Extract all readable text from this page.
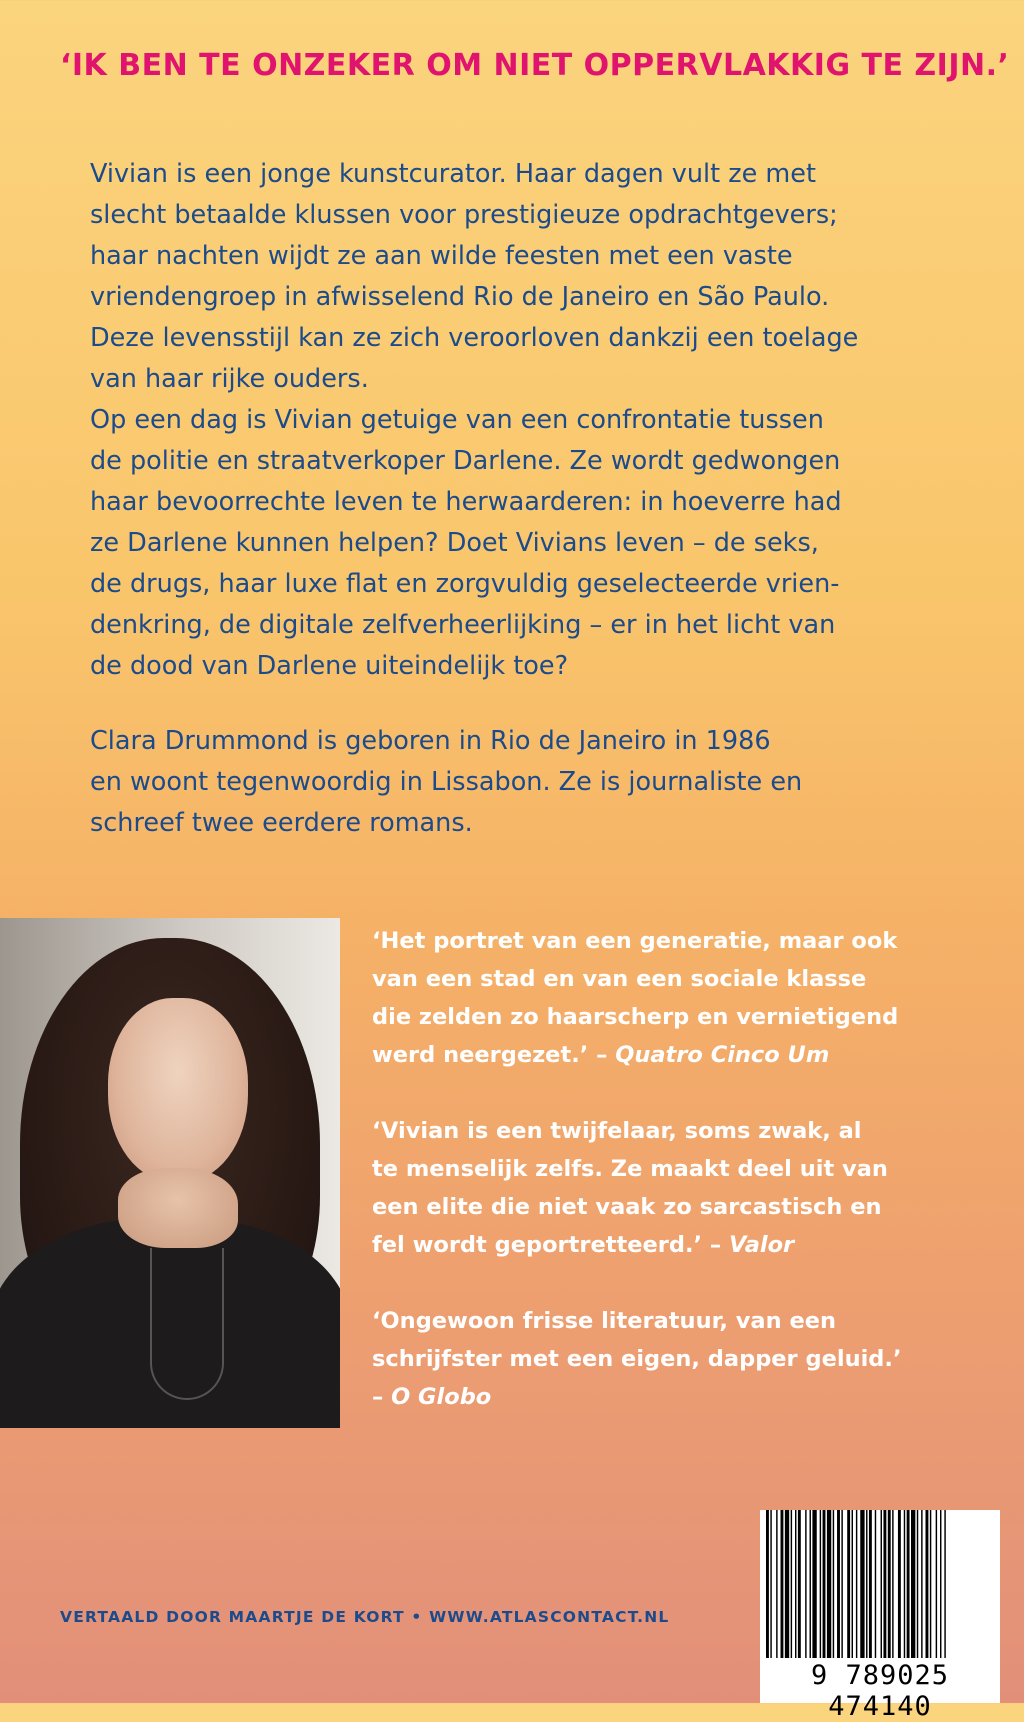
‘IK BEN TE ONZEKER OM NIET OPPERVLAKKIG TE ZIJN.’

Vivian is een jonge kunstcurator. Haar dagen vult ze met
slecht betaalde klussen voor prestigieuze opdrachtgevers;
haar nachten wijdt ze aan wilde feesten met een vaste
vriendengroep in afwisselend Rio de Janeiro en São Paulo.
Deze levensstijl kan ze zich veroorloven dankzij een toelage
van haar rijke ouders.
Op een dag is Vivian getuige van een confrontatie tussen
de politie en straatverkoper Darlene. Ze wordt gedwongen
haar bevoorrechte leven te herwaarderen: in hoeverre had
ze Darlene kunnen helpen? Doet Vivians leven – de seks,
de drugs, haar luxe flat en zorgvuldig geselecteerde vrien-
denkring, de digitale zelfverheerlijking – er in het licht van
de dood van Darlene uiteindelijk toe?

Clara Drummond is geboren in Rio de Janeiro in 1986
en woont tegenwoordig in Lissabon. Ze is journaliste en
schreef twee eerdere romans.

‘Het portret van een generatie, maar ook
van een stad en van een sociale klasse
die zelden zo haarscherp en vernietigend
werd neergezet.’ – Quatro Cinco Um
‘Vivian is een twijfelaar, soms zwak, al
te menselijk zelfs. Ze maakt deel uit van
een elite die niet vaak zo sarcastisch en
fel wordt geportretteerd.’ – Valor
‘Ongewoon frisse literatuur, van een
schrijfster met een eigen, dapper geluid.’
– O Globo
9 789025 474140
VERTAALD DOOR MAARTJE DE KORT • WWW.ATLASCONTACT.NL
